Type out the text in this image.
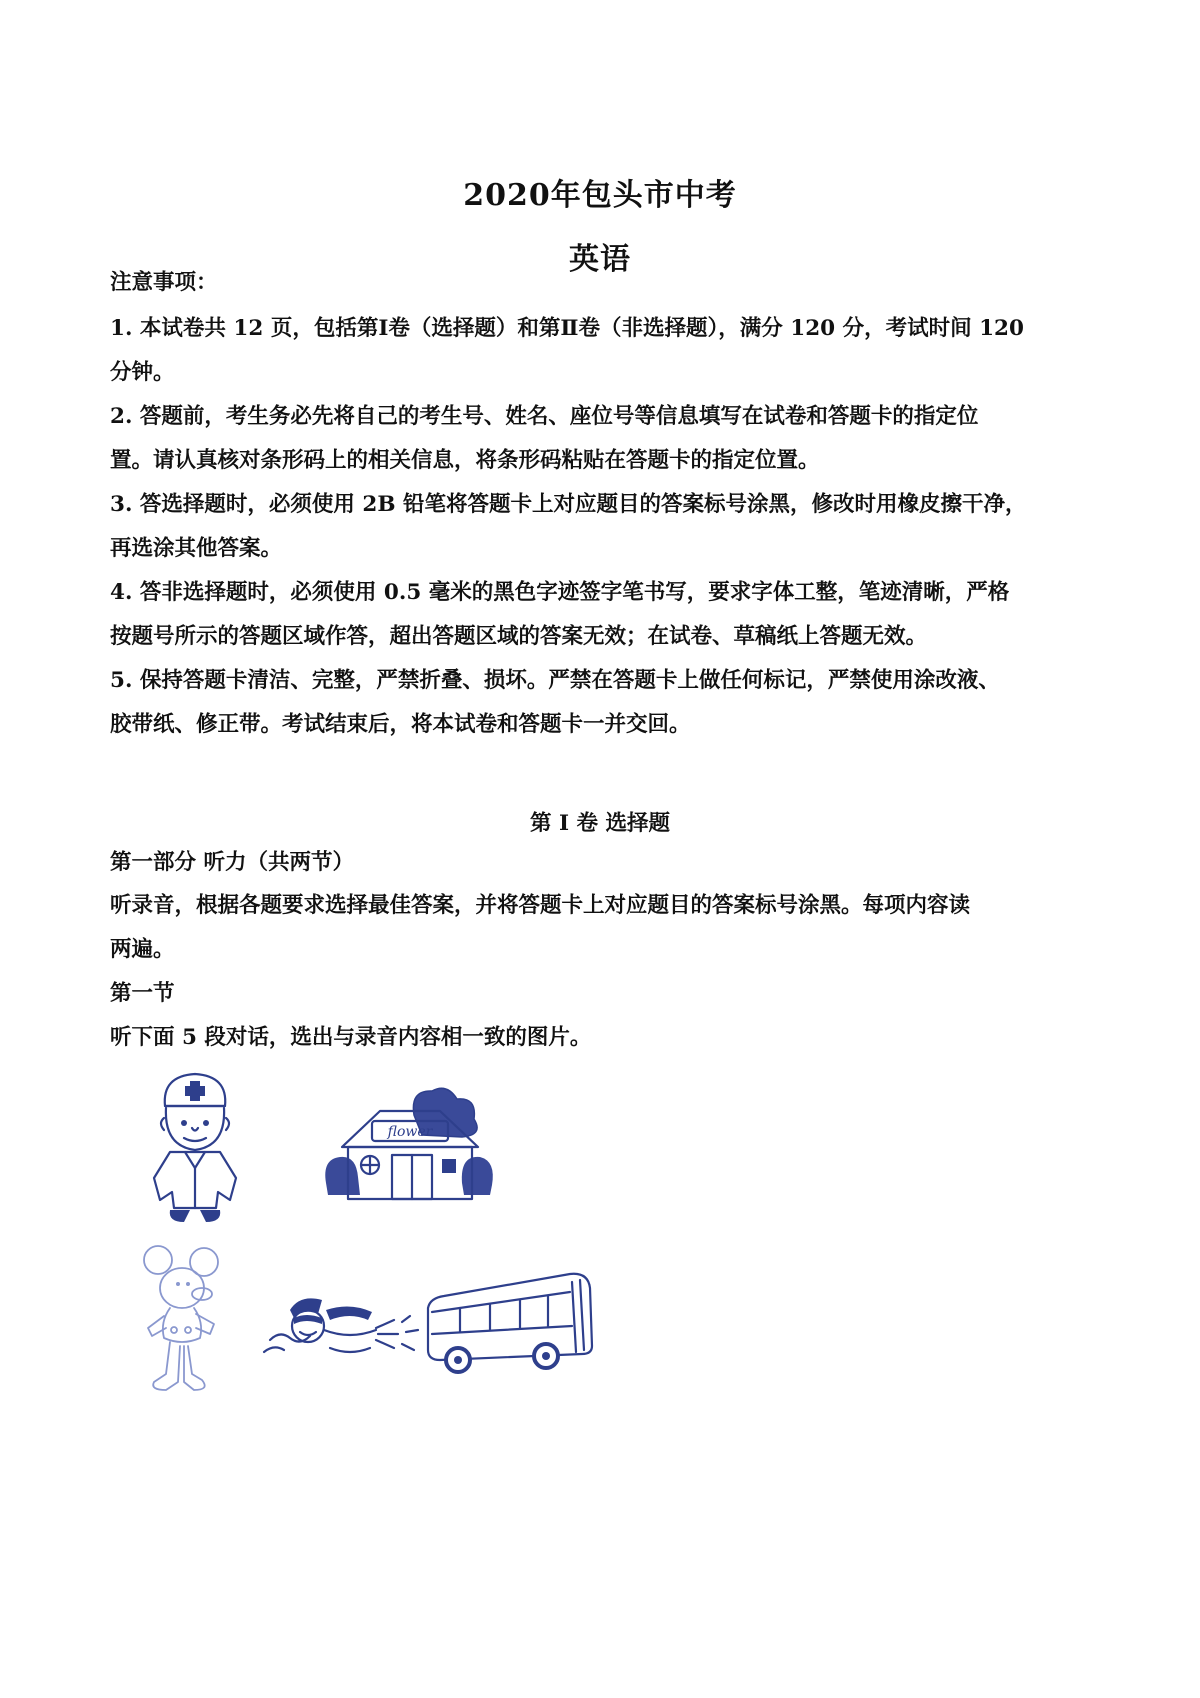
2020年包头市中考
英语
注意事项：
1. 本试卷共 12 页，包括第Ⅰ卷（选择题）和第Ⅱ卷（非选择题），满分 120 分，考试时间 120
分钟。
2. 答题前，考生务必先将自己的考生号、姓名、座位号等信息填写在试卷和答题卡的指定位
置。请认真核对条形码上的相关信息，将条形码粘贴在答题卡的指定位置。
3. 答选择题时，必须使用 2B 铅笔将答题卡上对应题目的答案标号涂黑，修改时用橡皮擦干净，
再选涂其他答案。
4. 答非选择题时，必须使用 0.5 毫米的黑色字迹签字笔书写，要求字体工整，笔迹清晰，严格
按题号所示的答题区域作答，超出答题区域的答案无效；在试卷、草稿纸上答题无效。
5. 保持答题卡清洁、完整，严禁折叠、损坏。严禁在答题卡上做任何标记，严禁使用涂改液、
胶带纸、修正带。考试结束后，将本试卷和答题卡一并交回。
第 I 卷 选择题
第一部分 听力（共两节）
听录音，根据各题要求选择最佳答案，并将答题卡上对应题目的答案标号涂黑。每项内容读
两遍。
第一节
听下面 5 段对话，选出与录音内容相一致的图片。
flower
